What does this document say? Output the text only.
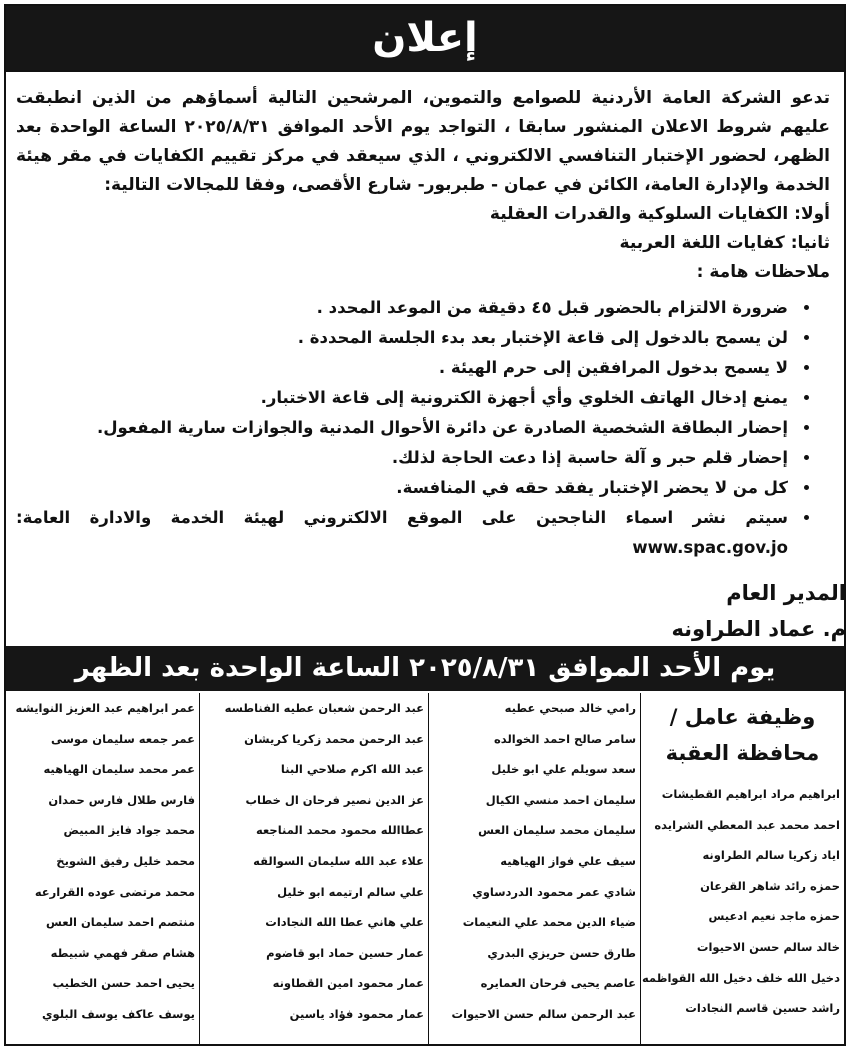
إعلان

تدعو الشركة العامة الأردنية للصوامع والتموين، المرشحين التالية أسماؤهم من الذين انطبقت عليهم شروط الاعلان المنشور سابقا ، التواجد يوم الأحد الموافق ٢٠٢٥/٨/٣١ الساعة الواحدة بعد الظهر، لحضور الإختبار التنافسي الالكتروني ، الذي سيعقد في مركز تقييم الكفايات في مقر هيئة الخدمة والإدارة العامة، الكائن في عمان - طبربور- شارع الأقصى، وفقا للمجالات التالية:

أولا: الكفايات السلوكية والقدرات العقلية

ثانيا: كفايات اللغة العربية

ملاحظات هامة :

• ضرورة الالتزام بالحضور قبل ٤٥ دقيقة من الموعد المحدد .
• لن يسمح بالدخول إلى قاعة الإختبار بعد بدء الجلسة المحددة .
• لا يسمح بدخول المرافقين إلى حرم الهيئة .
• يمنع إدخال الهاتف الخلوي وأي أجهزة الكترونية إلى قاعة الاختبار.
• إحضار البطاقة الشخصية الصادرة عن دائرة الأحوال المدنية والجوازات سارية المفعول.
• إحضار قلم حبر و آلة حاسبة إذا دعت الحاجة لذلك.
• كل من لا يحضر الإختبار يفقد حقه في المنافسة.
• سيتم نشر اسماء الناجحين على الموقع الالكتروني لهيئة الخدمة والادارة العامة: www.spac.gov.jo
المدير العام
م. عماد الطراونه
يوم الأحد الموافق ٢٠٢٥/٨/٣١ الساعة الواحدة بعد الظهر
وظيفة عامل /محافظة العقبة
ابراهيم مراد ابراهيم القطيشات
احمد محمد عبد المعطي الشرايده
اياد زكريا سالم الطراونه
حمزه رائد شاهر القرعان
حمزه ماجد نعيم ادعيس
خالد سالم حسن الاحيوات
دخيل الله خلف دخيل الله القواظمه
راشد حسين قاسم النجادات
رامي خالد صبحي عطيه
سامر صالح احمد الخوالده
سعد سويلم علي ابو خليل
سليمان احمد منسي الكيال
سليمان محمد سليمان العس
سيف علي فواز الهياهيه
شادي عمر محمود الدردساوي
ضياء الدين محمد علي النعيمات
طارق حسن حريزي البدري
عاصم يحيى فرحان العمايره
عبد الرحمن سالم حسن الاحيوات
عبد الرحمن شعبان عطيه الفناطسه
عبد الرحمن محمد زكريا كريشان
عبد الله اكرم صلاحي البنا
عز الدين نصير فرحان ال خطاب
عطاالله محمود محمد المناجعه
علاء عبد الله سليمان السوالقه
علي سالم ارتيمه ابو خليل
علي هاني عطا الله النجادات
عمار حسين حماد ابو قاضوم
عمار محمود امين القطاونه
عمار محمود فؤاد ياسين
عمر ابراهيم عبد العزيز النوايشه
عمر جمعه سليمان موسى
عمر محمد سليمان الهياهيه
فارس طلال فارس حمدان
محمد جواد فايز المبيض
محمد خليل رفيق الشويخ
محمد مرتضى عوده القرارعه
منتصم احمد سليمان العس
هشام صقر فهمي شبيطه
يحيى احمد حسن الخطيب
يوسف عاكف يوسف البلوي
